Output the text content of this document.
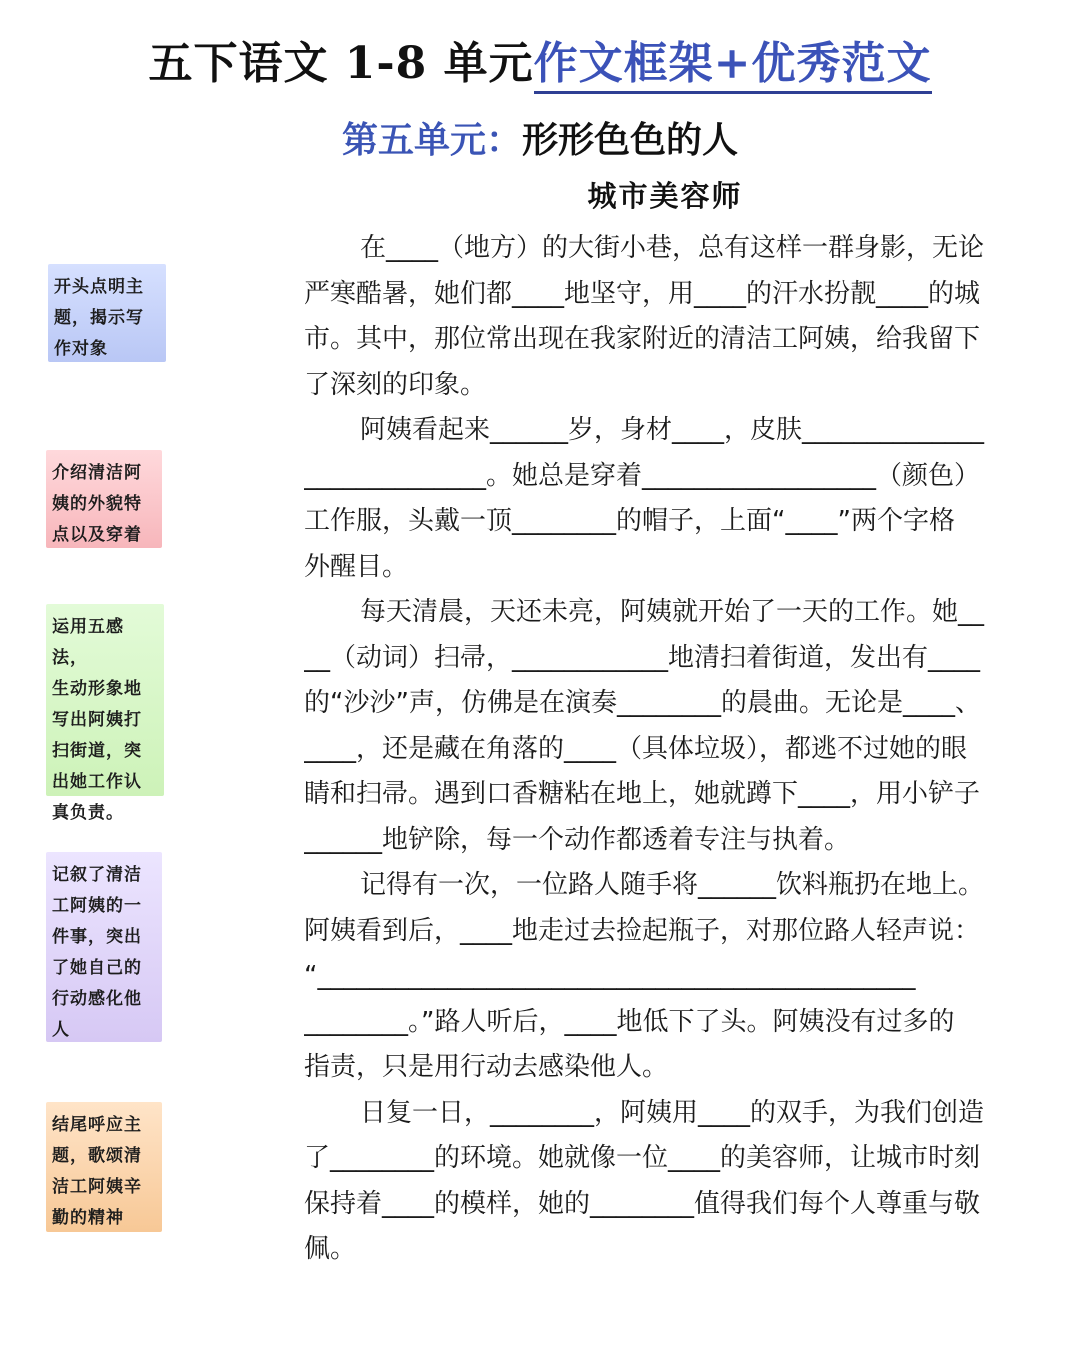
五下语文 1-8 单元作文框架+优秀范文
第五单元：形形色色的人
城市美容师
开头点明主
题，揭示写
作对象
介绍清洁阿
姨的外貌特
点以及穿着
运用五感法，
生动形象地
写出阿姨打
扫街道，突
出她工作认
真负责。
记叙了清洁
工阿姨的一
件事，突出
了她自己的
行动感化他
人
结尾呼应主
题，歌颂清
洁工阿姨辛
勤的精神
在____（地方）的大街小巷，总有这样一群身影，无论
严寒酷暑，她们都____地坚守，用____的汗水扮靓____的城
市。其中，那位常出现在我家附近的清洁工阿姨，给我留下
了深刻的印象。
阿姨看起来______岁，身材____，皮肤______________
______________。她总是穿着__________________（颜色）
工作服，头戴一顶________的帽子，上面“____”两个字格
外醒目。
每天清晨，天还未亮，阿姨就开始了一天的工作。她__
__（动词）扫帚，____________地清扫着街道，发出有____
的“沙沙”声，仿佛是在演奏________的晨曲。无论是____、
____，还是藏在角落的____（具体垃圾），都逃不过她的眼
睛和扫帚。遇到口香糖粘在地上，她就蹲下____，用小铲子
______地铲除，每一个动作都透着专注与执着。
记得有一次，一位路人随手将______饮料瓶扔在地上。
阿姨看到后，____地走过去捡起瓶子，对那位路人轻声说：
“______________________________________________
________。”路人听后，____地低下了头。阿姨没有过多的
指责，只是用行动去感染他人。
日复一日，________，阿姨用____的双手，为我们创造
了________的环境。她就像一位____的美容师，让城市时刻
保持着____的模样，她的________值得我们每个人尊重与敬
佩。
